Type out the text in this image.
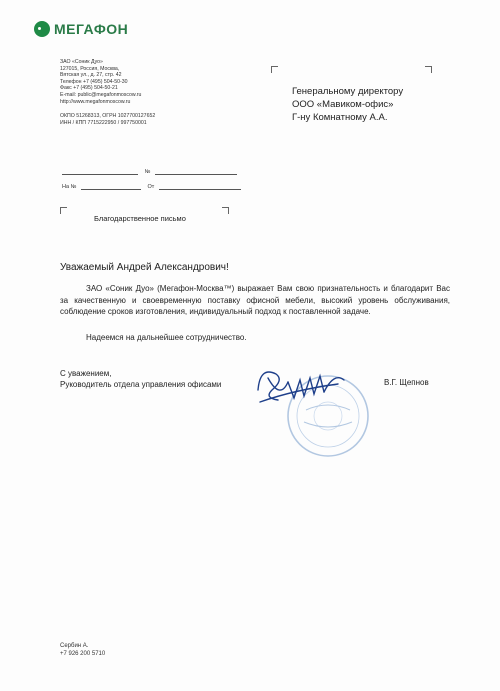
МЕГАФОН
ЗАО «Соник Дуо»
127015, Россия, Москва,
Вятская ул., д. 27, стр. 42
Телефон +7 (495) 504-50-30
Факс +7 (495) 504-50-21
E-mail: public@megafonmoscow.ru
http://www.megafonmoscow.ru
ОКПО 51268313, ОГРН 1027700127652
ИНН / КПП 7715222950 / 997750001
Генеральному директору
ООО «Мавиком-офис»
Г-ну Комнатному А.А.
№
На №	От
Благодарственное письмо
Уважаемый Андрей Александрович!

ЗАО «Соник Дуо» (Мегафон-Москва™) выражает Вам свою признательность и благодарит Вас за качественную и своевременную поставку офисной мебели, высокий уровень обслуживания, соблюдение сроков изготовления, индивидуальный подход к поставленной задаче.

Надеемся на дальнейшее сотрудничество.

С уважением,
Руководитель отдела управления офисами	В.Г. Щепнов
Сербин А.
+7 926 200 5710
